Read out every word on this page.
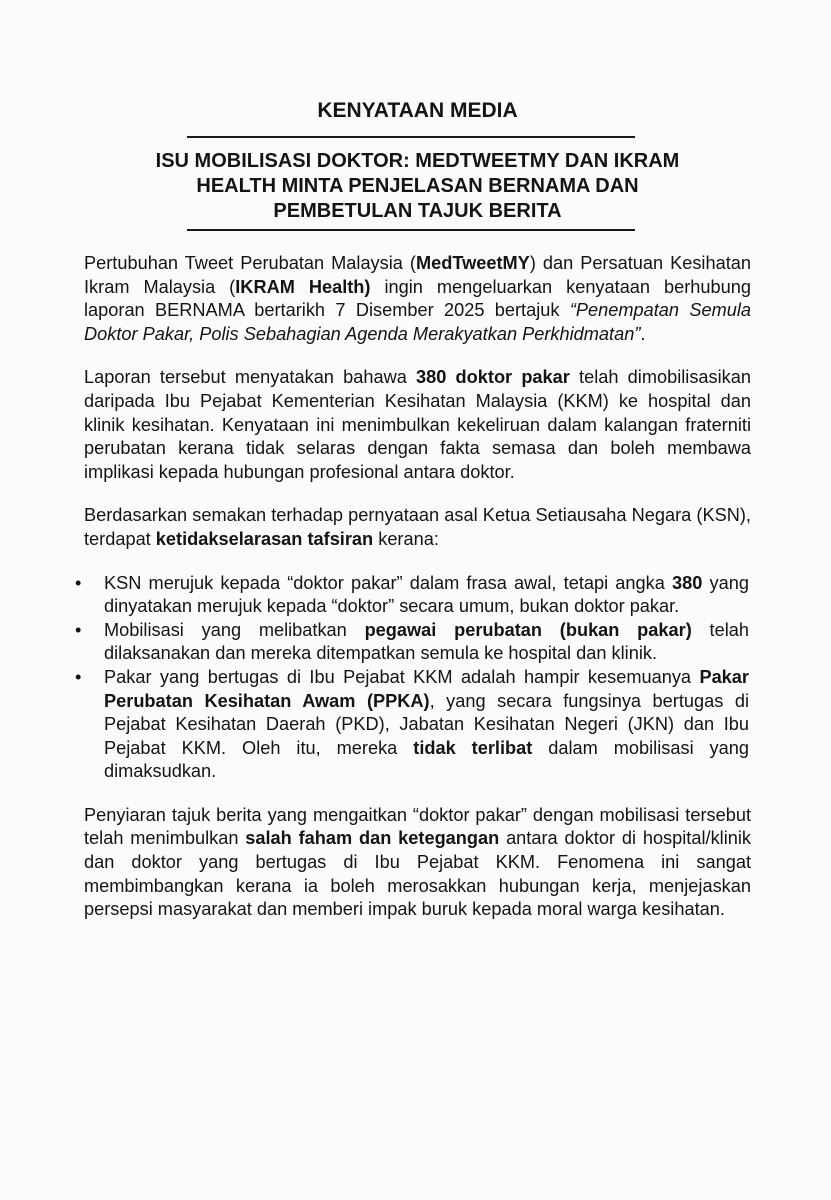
KENYATAAN MEDIA
ISU MOBILISASI DOKTOR: MEDTWEETMY DAN IKRAM
HEALTH MINTA PENJELASAN BERNAMA DAN
PEMBETULAN TAJUK BERITA

Pertubuhan Tweet Perubatan Malaysia (MedTweetMY) dan Persatuan Kesihatan Ikram Malaysia (IKRAM Health) ingin mengeluarkan kenyataan berhubung laporan BERNAMA bertarikh 7 Disember 2025 bertajuk “Penempatan Semula Doktor Pakar, Polis Sebahagian Agenda Merakyatkan Perkhidmatan”.

Laporan tersebut menyatakan bahawa 380 doktor pakar telah dimobilisasikan daripada Ibu Pejabat Kementerian Kesihatan Malaysia (KKM) ke hospital dan klinik kesihatan. Kenyataan ini menimbulkan kekeliruan dalam kalangan fraterniti perubatan kerana tidak selaras dengan fakta semasa dan boleh membawa implikasi kepada hubungan profesional antara doktor.

Berdasarkan semakan terhadap pernyataan asal Ketua Setiausaha Negara (KSN), terdapat ketidakselarasan tafsiran kerana:

• KSN merujuk kepada “doktor pakar” dalam frasa awal, tetapi angka 380 yang dinyatakan merujuk kepada “doktor” secara umum, bukan doktor pakar.
• Mobilisasi yang melibatkan pegawai perubatan (bukan pakar) telah dilaksanakan dan mereka ditempatkan semula ke hospital dan klinik.
• Pakar yang bertugas di Ibu Pejabat KKM adalah hampir kesemuanya Pakar Perubatan Kesihatan Awam (PPKA), yang secara fungsinya bertugas di Pejabat Kesihatan Daerah (PKD), Jabatan Kesihatan Negeri (JKN) dan Ibu Pejabat KKM. Oleh itu, mereka tidak terlibat dalam mobilisasi yang dimaksudkan.

Penyiaran tajuk berita yang mengaitkan “doktor pakar” dengan mobilisasi tersebut telah menimbulkan salah faham dan ketegangan antara doktor di hospital/klinik dan doktor yang bertugas di Ibu Pejabat KKM. Fenomena ini sangat membimbangkan kerana ia boleh merosakkan hubungan kerja, menjejaskan persepsi masyarakat dan memberi impak buruk kepada moral warga kesihatan.
